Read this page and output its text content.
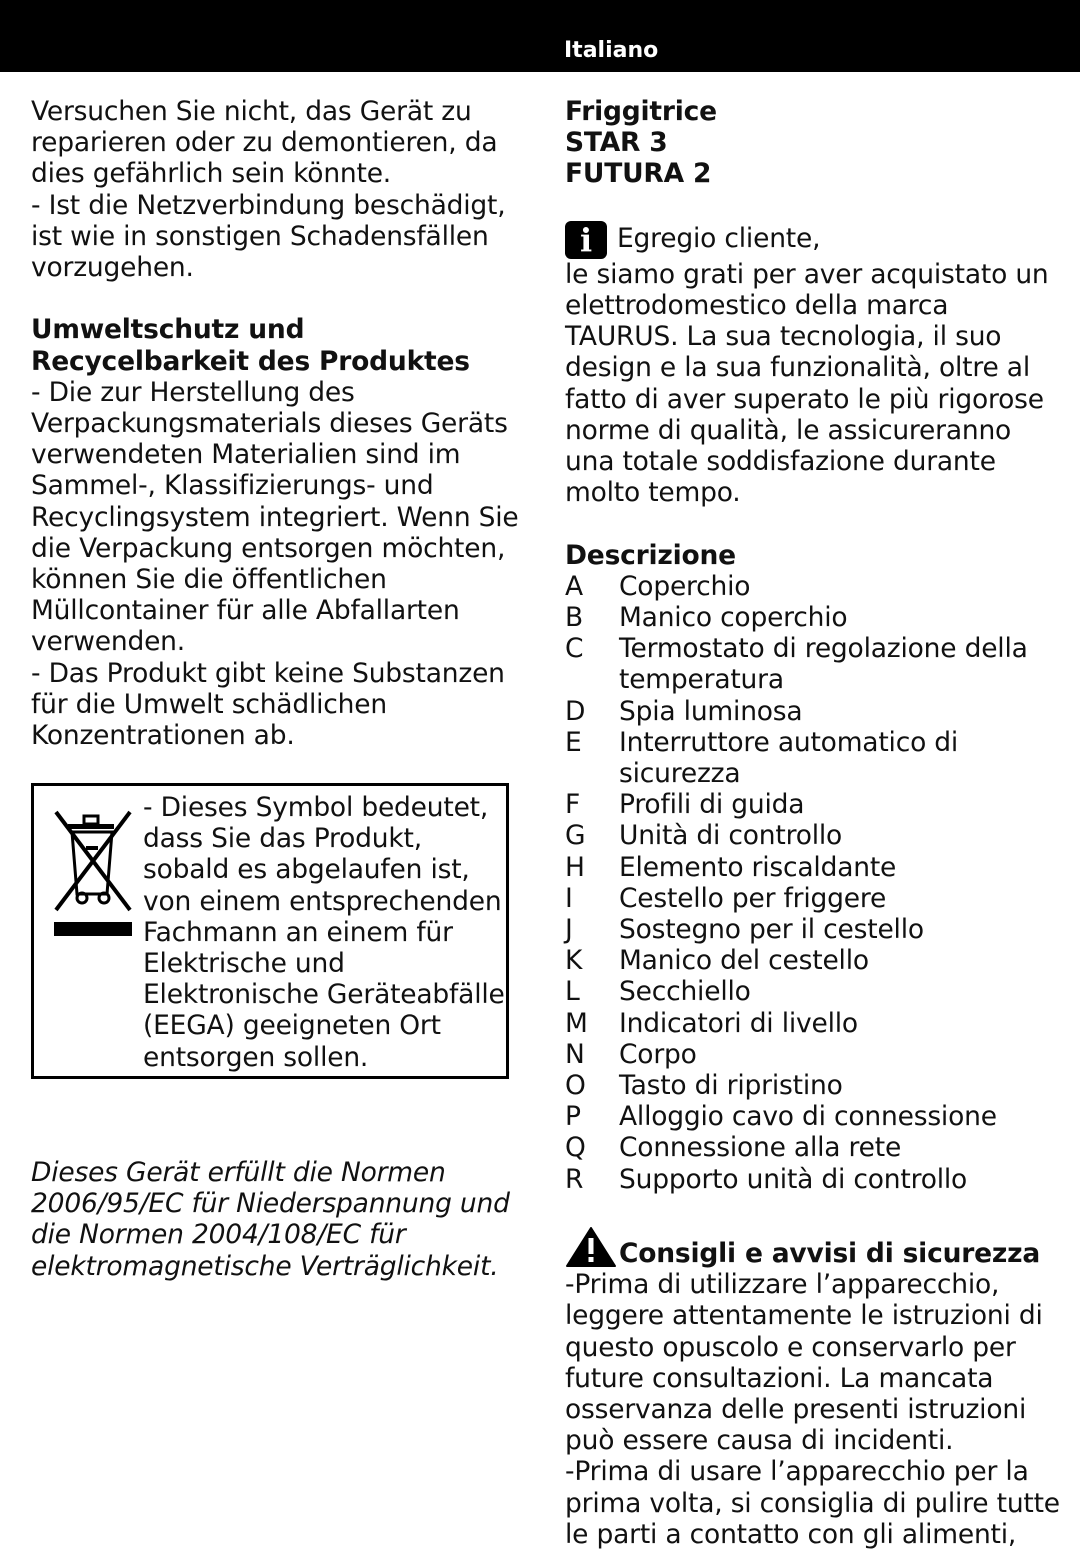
Italiano

Versuchen Sie nicht, das Gerät zu reparieren oder zu demontieren, da dies gefährlich sein könnte.

- Ist die Netzverbindung beschädigt, ist wie in sonstigen Schadensfällen vorzugehen.

Umweltschutz und Recycelbarkeit des Produktes

- Die zur Herstellung des Verpackungsmaterials dieses Geräts verwendeten Materialien sind im Sammel-, Klassifizierungs- und Recyclingsystem integriert. Wenn Sie die Verpackung entsorgen möchten, können Sie die öffentlichen Müllcontainer für alle Abfallarten verwenden.

- Das Produkt gibt keine Substanzen für die Umwelt schädlichen Konzentrationen ab.

- Dieses Symbol bedeutet, dass Sie das Produkt, sobald es abgelaufen ist, von einem entsprechenden Fachmann an einem für Elektrische und Elektronische Geräteabfälle (EEGA) geeigneten Ort entsorgen sollen.
Dieses Gerät erfüllt die Normen 2006/95/EC für Niederspannung und die Normen 2004/108/EC für elektromagnetische Verträglichkeit.

Friggitrice

STAR 3

FUTURA 2

i Egregio cliente,

le siamo grati per aver acquistato un elettrodomestico della marca TAURUS. La sua tecnologia, il suo design e la sua funzionalità, oltre al fatto di aver superato le più rigorose norme di qualità, le assicureranno una totale soddisfazione durante molto tempo.

Descrizione

A	Coperchio
B	Manico coperchio
C	Termostato di regolazione della temperatura
D	Spia luminosa
E	Interruttore automatico di sicurezza
F	Profili di guida
G	Unità di controllo
H	Elemento riscaldante
I	Cestello per friggere
J	Sostegno per il cestello
K	Manico del cestello
L	Secchiello
M	Indicatori di livello
N	Corpo
O	Tasto di ripristino
P	Alloggio cavo di connessione
Q	Connessione alla rete
R	Supporto unità di controllo

Consigli e avvisi di sicurezza

-Prima di utilizzare l’apparecchio, leggere attentamente le istruzioni di questo opuscolo e conservarlo per future consultazioni. La mancata osservanza delle presenti istruzioni può essere causa di incidenti.

-Prima di usare l’apparecchio per la prima volta, si consiglia di pulire tutte le parti a contatto con gli alimenti,
